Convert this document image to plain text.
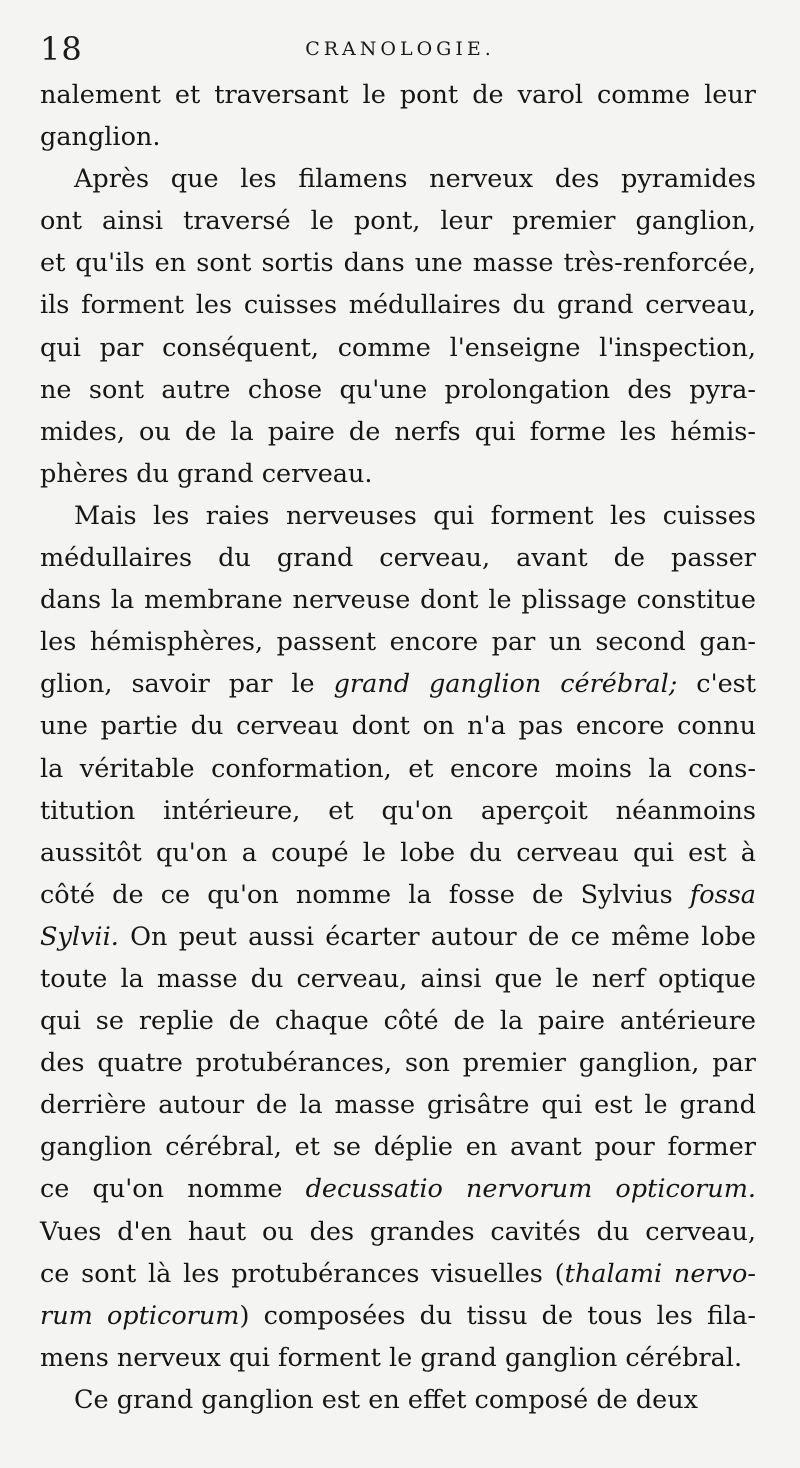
18	CRANOLOGIE.
nalement et traversant le pont de varol comme leur
ganglion.
Après que les filamens nerveux des pyramides
ont ainsi traversé le pont, leur premier ganglion,
et qu'ils en sont sortis dans une masse très-renforcée,
ils forment les cuisses médullaires du grand cerveau,
qui par conséquent, comme l'enseigne l'inspection,
ne sont autre chose qu'une prolongation des pyra-
mides, ou de la paire de nerfs qui forme les hémis-
phères du grand cerveau.
Mais les raies nerveuses qui forment les cuisses
médullaires du grand cerveau, avant de passer
dans la membrane nerveuse dont le plissage constitue
les hémisphères, passent encore par un second gan-
glion, savoir par le grand ganglion cérébral; c'est
une partie du cerveau dont on n'a pas encore connu
la véritable conformation, et encore moins la cons-
titution intérieure, et qu'on aperçoit néanmoins
aussitôt qu'on a coupé le lobe du cerveau qui est à
côté de ce qu'on nomme la fosse de Sylvius fossa
Sylvii. On peut aussi écarter autour de ce même lobe
toute la masse du cerveau, ainsi que le nerf optique
qui se replie de chaque côté de la paire antérieure
des quatre protubérances, son premier ganglion, par
derrière autour de la masse grisâtre qui est le grand
ganglion cérébral, et se déplie en avant pour former
ce qu'on nomme decussatio nervorum opticorum.
Vues d'en haut ou des grandes cavités du cerveau,
ce sont là les protubérances visuelles (thalami nervo-
rum opticorum) composées du tissu de tous les fila-
mens nerveux qui forment le grand ganglion cérébral.
Ce grand ganglion est en effet composé de deux
